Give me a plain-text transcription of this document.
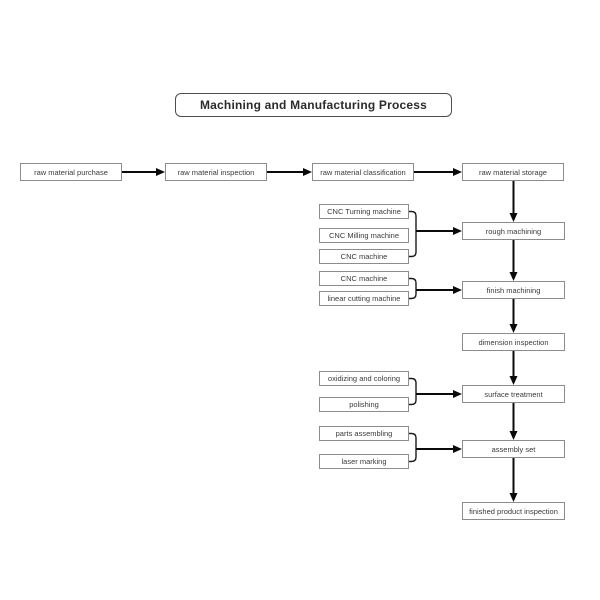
Machining and Manufacturing Process
raw material purchase	raw material inspection	raw material classification	raw material storage
rough machining
finish machining
dimension inspection
surface treatment
assembly set
finished product inspection
CNC Turning machine
CNC Milling machine
CNC machine
CNC machine
linear cutting machine
oxidizing and coloring
polishing
parts assembling
laser marking
